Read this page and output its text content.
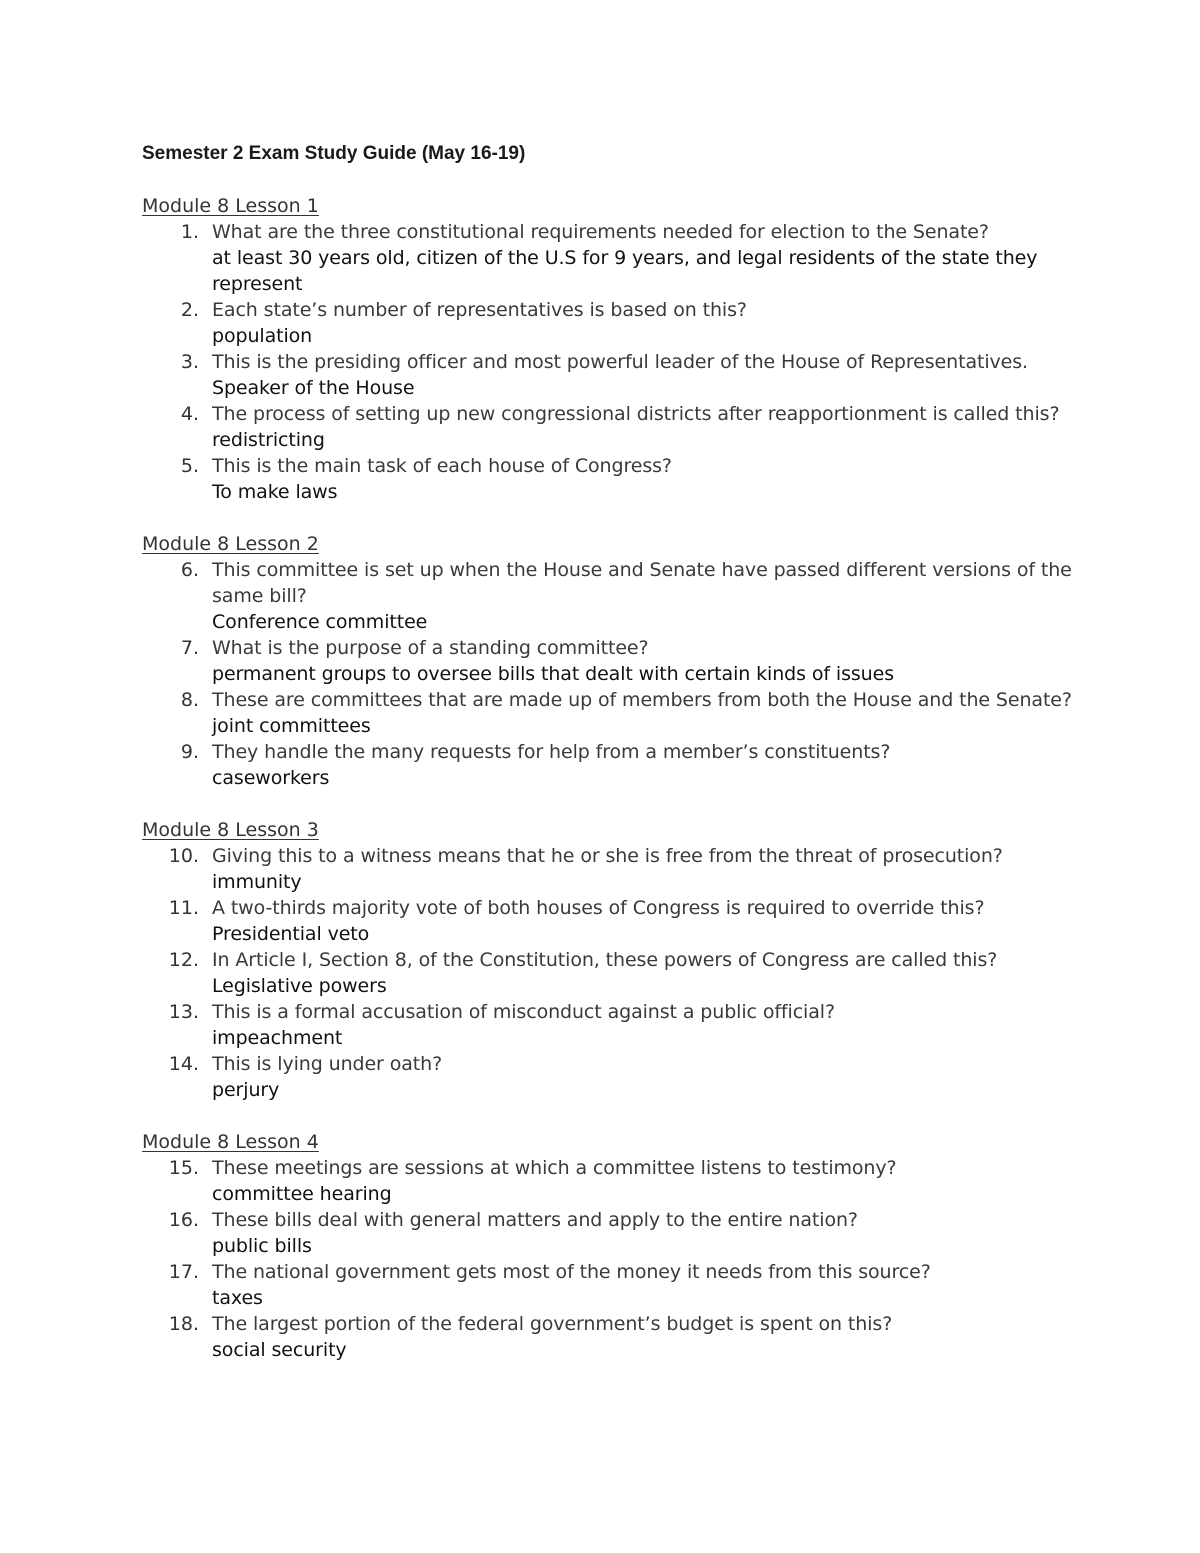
Semester 2 Exam Study Guide (May 16-19)
Module 8 Lesson 1
1. What are the three constitutional requirements needed for election to the Senate?
at least 30 years old, citizen of the U.S for 9 years, and legal residents of the state they represent
2. Each state’s number of representatives is based on this?
population
3. This is the presiding officer and most powerful leader of the House of Representatives.
Speaker of the House
4. The process of setting up new congressional districts after reapportionment is called this?
redistricting
5. This is the main task of each house of Congress?
To make laws
Module 8 Lesson 2
6. This committee is set up when the House and Senate have passed different versions of the same bill?
Conference committee
7. What is the purpose of a standing committee?
permanent groups to oversee bills that dealt with certain kinds of issues
8. These are committees that are made up of members from both the House and the Senate?
joint committees
9. They handle the many requests for help from a member’s constituents?
caseworkers
Module 8 Lesson 3
10. Giving this to a witness means that he or she is free from the threat of prosecution?
immunity
11. A two-thirds majority vote of both houses of Congress is required to override this?
Presidential veto
12. In Article I, Section 8, of the Constitution, these powers of Congress are called this?
Legislative powers
13. This is a formal accusation of misconduct against a public official?
impeachment
14. This is lying under oath?
perjury
Module 8 Lesson 4
15. These meetings are sessions at which a committee listens to testimony?
committee hearing
16. These bills deal with general matters and apply to the entire nation?
public bills
17. The national government gets most of the money it needs from this source?
taxes
18. The largest portion of the federal government’s budget is spent on this?
social security
